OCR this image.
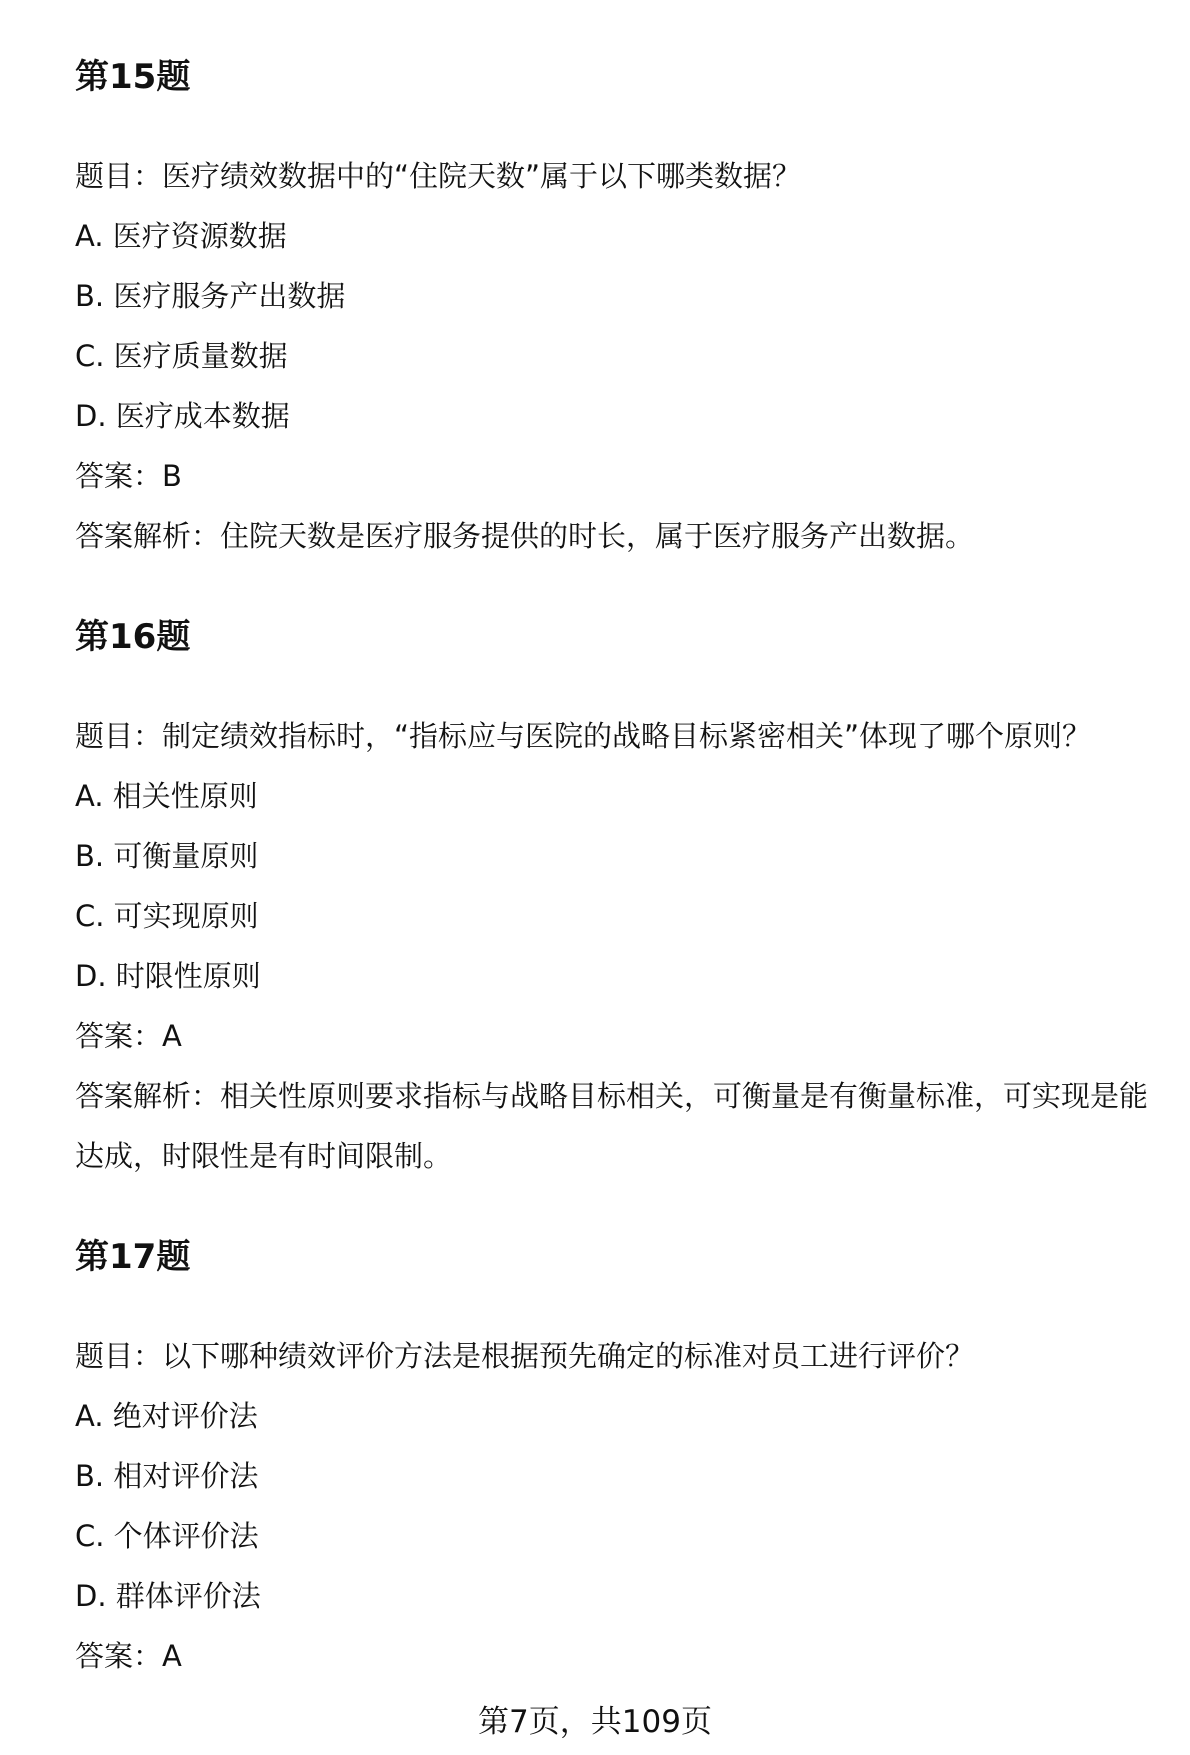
第15题
题目：医疗绩效数据中的“住院天数”属于以下哪类数据？
A. 医疗资源数据
B. 医疗服务产出数据
C. 医疗质量数据
D. 医疗成本数据
答案：B
答案解析：住院天数是医疗服务提供的时长，属于医疗服务产出数据。
第16题
题目：制定绩效指标时，“指标应与医院的战略目标紧密相关”体现了哪个原则？
A. 相关性原则
B. 可衡量原则
C. 可实现原则
D. 时限性原则
答案：A
答案解析：相关性原则要求指标与战略目标相关，可衡量是有衡量标准，可实现是能达成，时限性是有时间限制。
第17题
题目：以下哪种绩效评价方法是根据预先确定的标准对员工进行评价？
A. 绝对评价法
B. 相对评价法
C. 个体评价法
D. 群体评价法
答案：A
第7页，共109页
